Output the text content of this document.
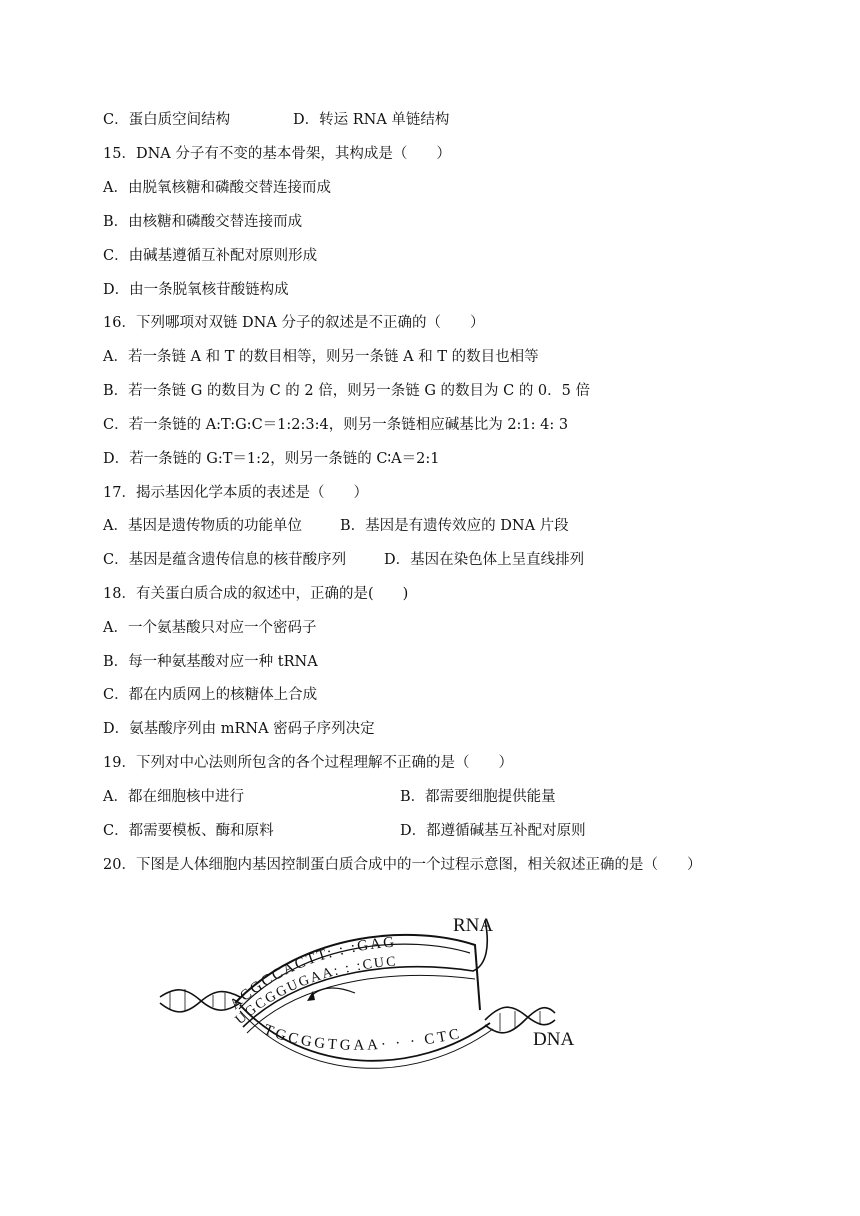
C．蛋白质空间结构	D．转运 RNA 单链结构
15．DNA 分子有不变的基本骨架，其构成是（　　）
A．由脱氧核糖和磷酸交替连接而成
B．由核糖和磷酸交替连接而成
C．由碱基遵循互补配对原则形成
D．由一条脱氧核苷酸链构成
16．下列哪项对双链 DNA 分子的叙述是不正确的（　　）
A．若一条链 A 和 T 的数目相等，则另一条链 A 和 T 的数目也相等
B．若一条链 G 的数目为 C 的 2 倍，则另一条链 G 的数目为 C 的 0．5 倍
C．若一条链的 A:T:G:C＝1:2:3:4，则另一条链相应碱基比为 2:1: 4: 3
D．若一条链的 G:T＝1:2，则另一条链的 C∶A＝2:1
17．揭示基因化学本质的表述是（　　）
A．基因是遗传物质的功能单位	B．基因是有遗传效应的 DNA 片段
C．基因是蕴含遗传信息的核苷酸序列	D．基因在染色体上呈直线排列
18．有关蛋白质合成的叙述中，正确的是(　　)
A．一个氨基酸只对应一个密码子
B．每一种氨基酸对应一种 tRNA
C．都在内质网上的核糖体上合成
D．氨基酸序列由 mRNA 密码子序列决定
19．下列对中心法则所包含的各个过程理解不正确的是（　　）
A．都在细胞核中进行	B．都需要细胞提供能量
C．都需要模板、酶和原料	D．都遵循碱基互补配对原则
20．下图是人体细胞内基因控制蛋白质合成中的一个过程示意图，相关叙述正确的是（　　）
ACGCCACTT: : :GAG
UGCGGUGAA: : :CUC
TGCGGTGAA· · · CTC
RNA
DNA
